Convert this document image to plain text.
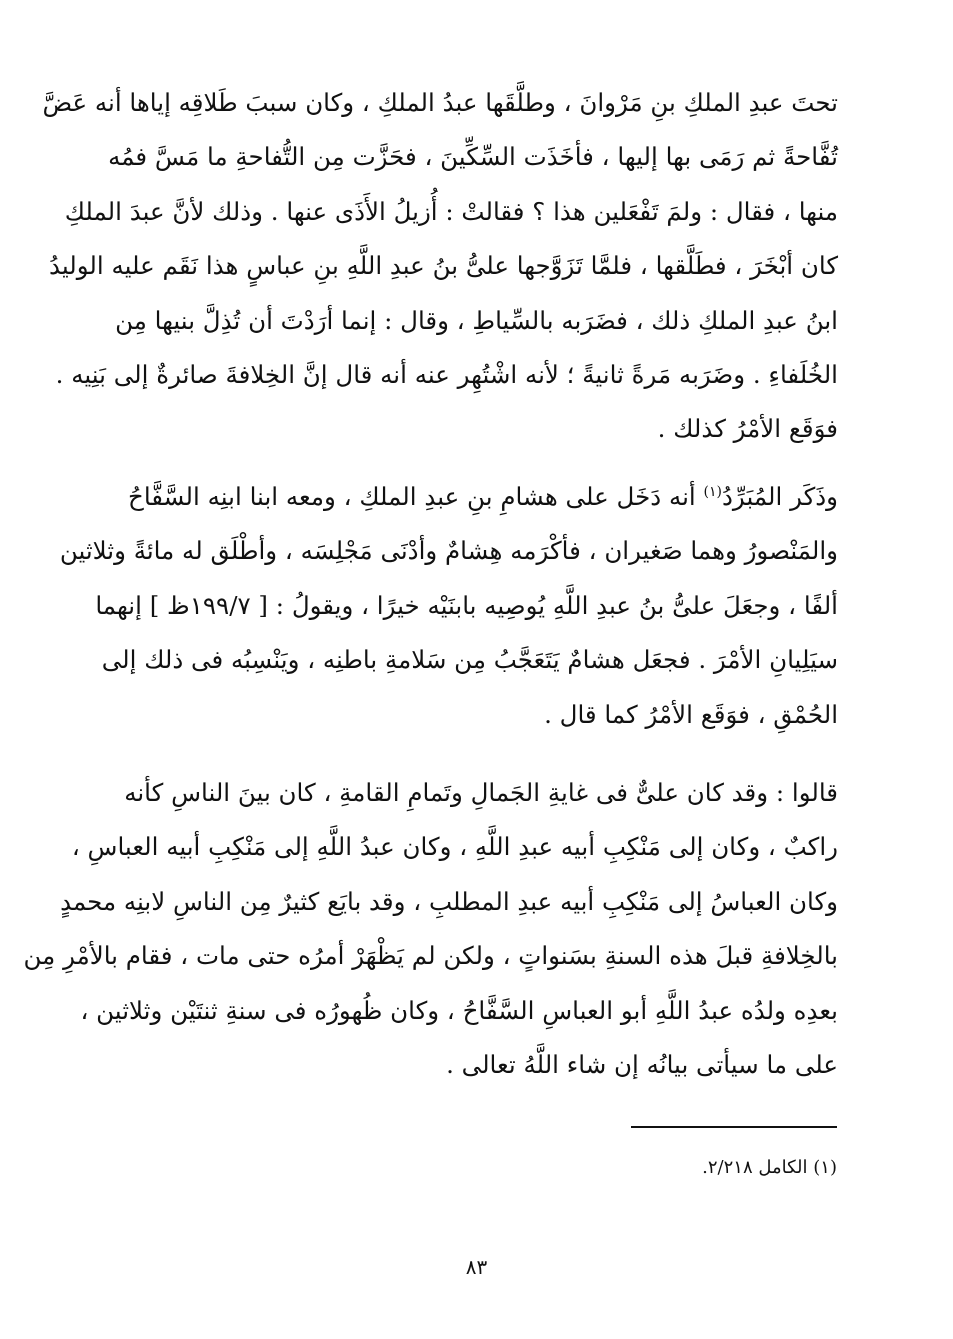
تحتَ عبدِ الملكِ بنِ مَرْوانَ ، وطلَّقَها عبدُ الملكِ ، وكان سببَ طَلاقِه إياها أنه عَضَّ
تُفَّاحةً ثم رَمَى بها إليها ، فأخَذَت السِّكِّينَ ، فحَزَّت مِن التُّفاحةِ ما مَسَّ فمُه
منها ، فقال : ولمَ تَفْعَلين هذا ؟ فقالتْ : أُزيلُ الأَذَى عنها . وذلك لأنَّ عبدَ الملكِ
كان أبْخَرَ ، فطَلَّقها ، فلمَّا تَزَوَّجها علىُّ بنُ عبدِ اللَّهِ بنِ عباسٍ هذا نَقَم عليه الوليدُ
ابنُ عبدِ الملكِ ذلك ، فضَرَبه بالسِّياطِ ، وقال : إنما أرَدْتَ أن تُذِلَّ بنيها مِن
الخُلَفاءِ . وضَرَبه مَرةً ثانيةً ؛ لأنه اشْتُهِر عنه أنه قال إنَّ الخِلافةَ صائرةٌ إلى بَنِيه .
فوَقَع الأمْرُ كذلك .
وذَكَر المُبَرِّدُ$^{(١)}$ أنه دَخَل على هشامِ بنِ عبدِ الملكِ ، ومعه ابنا ابنِه السَّفَّاحُ
والمَنْصورُ وهما صَغيران ، فأكْرَمه هِشامٌ وأدْنَى مَجْلِسَه ، وأطْلَق له مائةً وثلاثين
ألفًا ، وجعَلَ علىُّ بنُ عبدِ اللَّهِ يُوصِيه بابنَيْه خيرًا ، ويقولُ : [ ١٩٩/٧ظ ] إنهما
سيَلِيانِ الأمْرَ . فجعَل هشامٌ يَتَعَجَّبُ مِن سَلامةِ باطنِه ، ويَنْسِبُه فى ذلك إلى
الحُمْقِ ، فوَقَع الأمْرُ كما قال .
قالوا : وقد كان علىٌّ فى غايةِ الجَمالِ وتَمامِ القامةِ ، كان بينَ الناسِ كأنه
راكبٌ ، وكان إلى مَنْكِبِ أبيه عبدِ اللَّهِ ، وكان عبدُ اللَّهِ إلى مَنْكِبِ أبيه العباسِ ،
وكان العباسُ إلى مَنْكِبِ أبيه عبدِ المطلبِ ، وقد بايَع كثيرٌ مِن الناسِ لابنِه محمدٍ
بالخِلافةِ قبلَ هذه السنةِ بسَنواتٍ ، ولكن لم يَظْهَرْ أمرُه حتى مات ، فقام بالأمْرِ مِن
بعدِه ولدُه عبدُ اللَّهِ أبو العباسِ السَّفَّاحُ ، وكان ظُهورُه فى سنةِ ثنتَيْن وثلاثين ،
على ما سيأتى بيانُه إن شاء اللَّهُ تعالى .
(١) الكامل ٢/٢١٨.
٨٣
